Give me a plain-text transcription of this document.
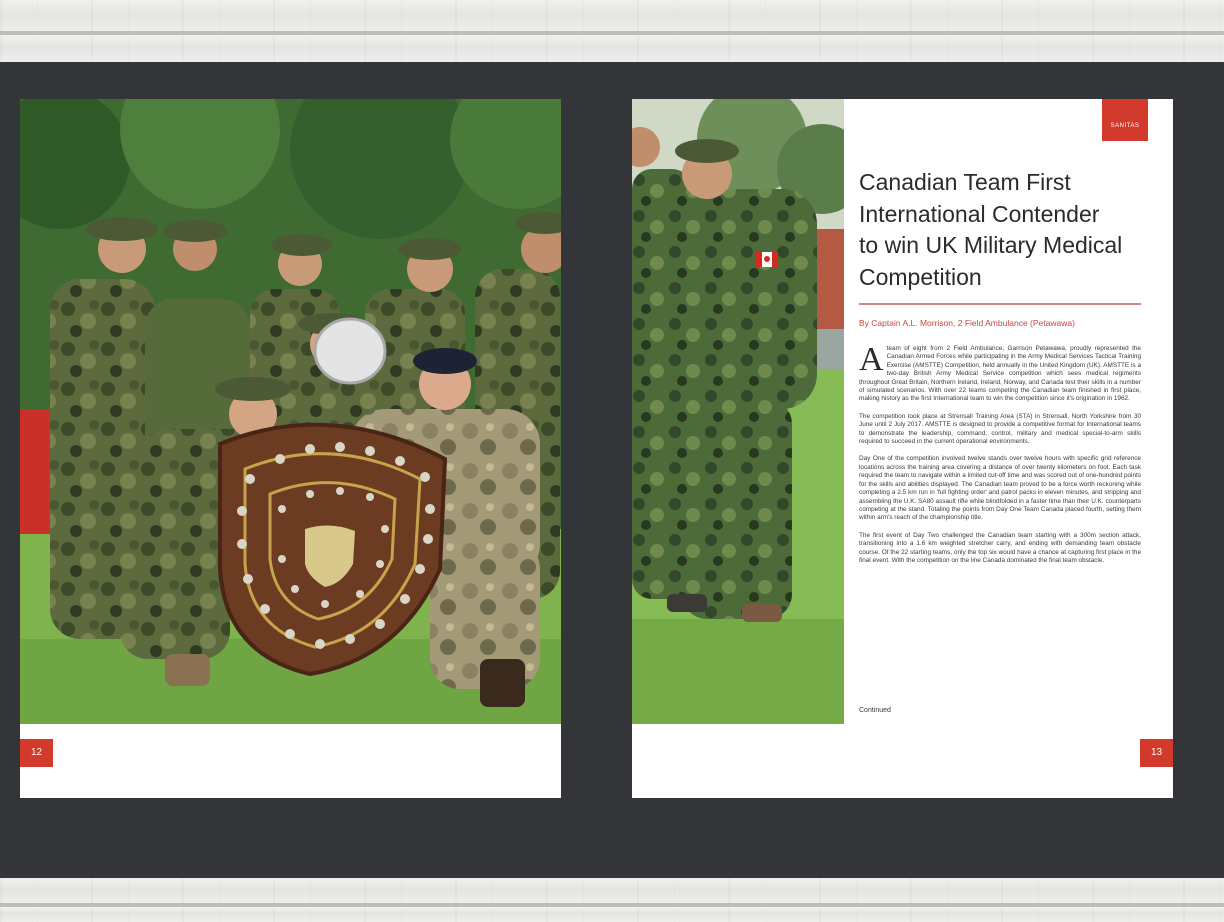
12
SANITAS
Canadian Team First
International Contender
to win UK Military Medical
Competition
By Captain A.L. Morrison, 2 Field Ambulance (Petawawa)

Ateam of eight from 2 Field Ambulance, Garrison Petawawa, proudly represented the Canadian Armed Forces while participating in the Army Medical Services Tactical Training Exercise (AMSTTE) Competition, held annually in the United Kingdom (UK). AMSTTE is a two-day British Army Medical Service competition which sees medical regiments throughout Great Britain, Northern Ireland, Ireland, Norway, and Canada test their skills in a number of simulated scenarios. With over 22 teams competing the Canadian team finished in first place, making history as the first International team to win the competition since it's origination in 1962.

The competition took place at Strensall Training Area (STA) in Strensall, North Yorkshire from 30 June until 2 July 2017. AMSTTE is designed to provide a competitive format for International teams to demonstrate the leadership, command, control, military and medical special-to-arm skills required to succeed in the current operational environments.

Day One of the competition involved twelve stands over twelve hours with specific grid reference locations across the training area covering a distance of over twenty kilometers on foot. Each task required the team to navigate within a limited cut-off time and was scored out of one-hundred points for the skills and abilities displayed. The Canadian team proved to be a force worth reckoning while completing a 2.5 km run in 'full fighting order' and patrol packs in eleven minutes, and stripping and assembling the U.K. SA80 assault rifle while blindfolded in a faster time than their U.K. counterparts competing at the stand. Totaling the points from Day One Team Canada placed fourth, setting them within arm's reach of the championship title.

The first event of Day Two challenged the Canadian team starting with a 300m section attack, transitioning into a 1.6 km weighted stretcher carry, and ending with demanding team obstacle course. Of the 22 starting teams, only the top six would have a chance at capturing first place in the final event. With the competition on the line Canada dominated the final team obstacle.

Continued
13
